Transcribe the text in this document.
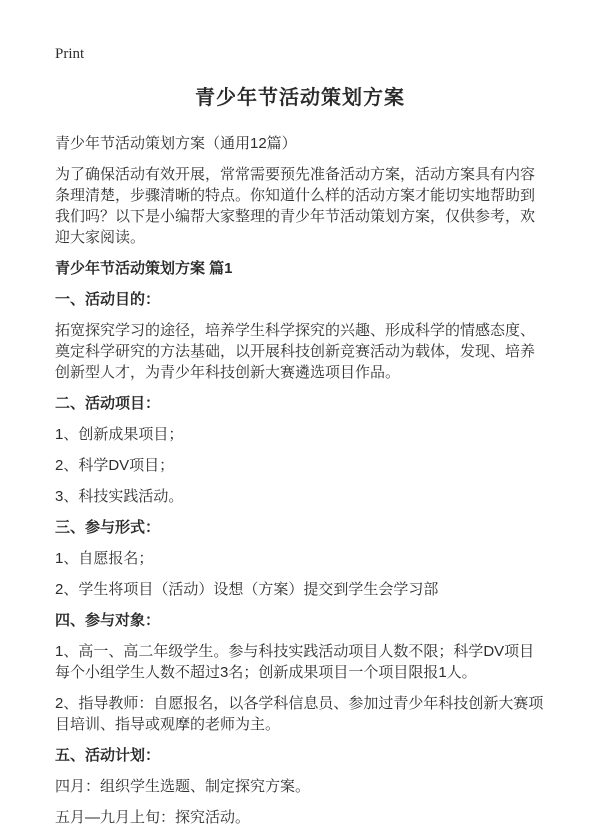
Print
青少年节活动策划方案

青少年节活动策划方案（通用12篇）

为了确保活动有效开展，常常需要预先准备活动方案，活动方案具有内容条理清楚，步骤清晰的特点。你知道什么样的活动方案才能切实地帮助到我们吗？以下是小编帮大家整理的青少年节活动策划方案，仅供参考，欢迎大家阅读。

青少年节活动策划方案 篇1

一、活动目的：

拓宽探究学习的途径，培养学生科学探究的兴趣、形成科学的情感态度、奠定科学研究的方法基础，以开展科技创新竞赛活动为载体，发现、培养创新型人才，为青少年科技创新大赛遴选项目作品。

二、活动项目：

1、创新成果项目；

2、科学DV项目；

3、科技实践活动。

三、参与形式：

1、自愿报名；

2、学生将项目（活动）设想（方案）提交到学生会学习部

四、参与对象：

1、高一、高二年级学生。参与科技实践活动项目人数不限；科学DV项目每个小组学生人数不超过3名；创新成果项目一个项目限报1人。

2、指导教师：自愿报名，以各学科信息员、参加过青少年科技创新大赛项目培训、指导或观摩的老师为主。

五、活动计划：

四月：组织学生选题、制定探究方案。

五月—九月上旬：探究活动。
